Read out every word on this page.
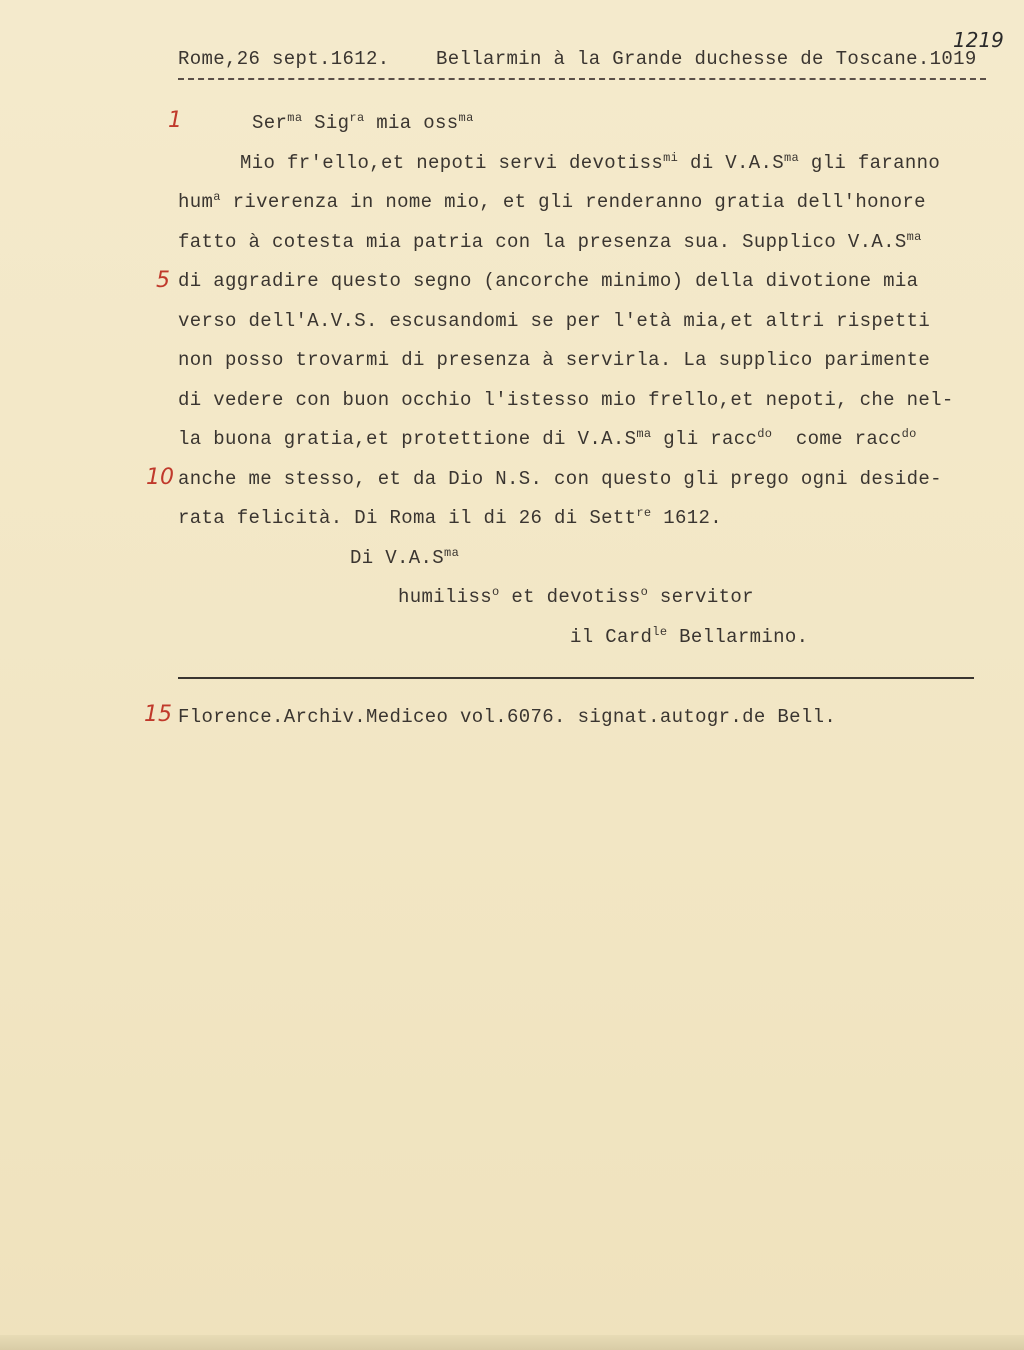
1219
Rome,26 sept.1612. Bellarmin à la Grande duchesse de Toscane.1019
1	Ser$^{ma}$ Sig$^{ra}$ mia oss$^{ma}$
Mio fr'ello,et nepoti servi devotiss$^{mi}$ di $V.A.S^{ma}$ gli faranno
hum$^a$ riverenza in nome mio, et gli renderanno gratia dell'honore
fatto à cotesta mia patria con la presenza sua. Supplico $V.A.S^{ma}$
5 di aggradire questo segno (ancorche minimo) della divotione mia
verso dell'A.V.S. escusandomi se per l'età mia,et altri rispetti
non posso trovarmi di presenza à servirla. La supplico parimente
di vedere con buon occhio l'istesso mio frello,et nepoti, che nel-
la buona gratia,et protettione di $V.A.S^{ma}$ gli racc$^{do}$  come racc$^{do}$
10 anche me stesso, et da Dio N.S. con questo gli prego ogni deside-
rata felicità. Di Roma il di 26 di Sett$^{re}$ 1612.
Di $V.A.S^{ma}$
humiliss$^o$ et devotiss$^o$ servitor
il Card$^{le}$ Bellarmino.
15 Florence.Archiv.Mediceo vol.6076. signat.autogr.de Bell.
